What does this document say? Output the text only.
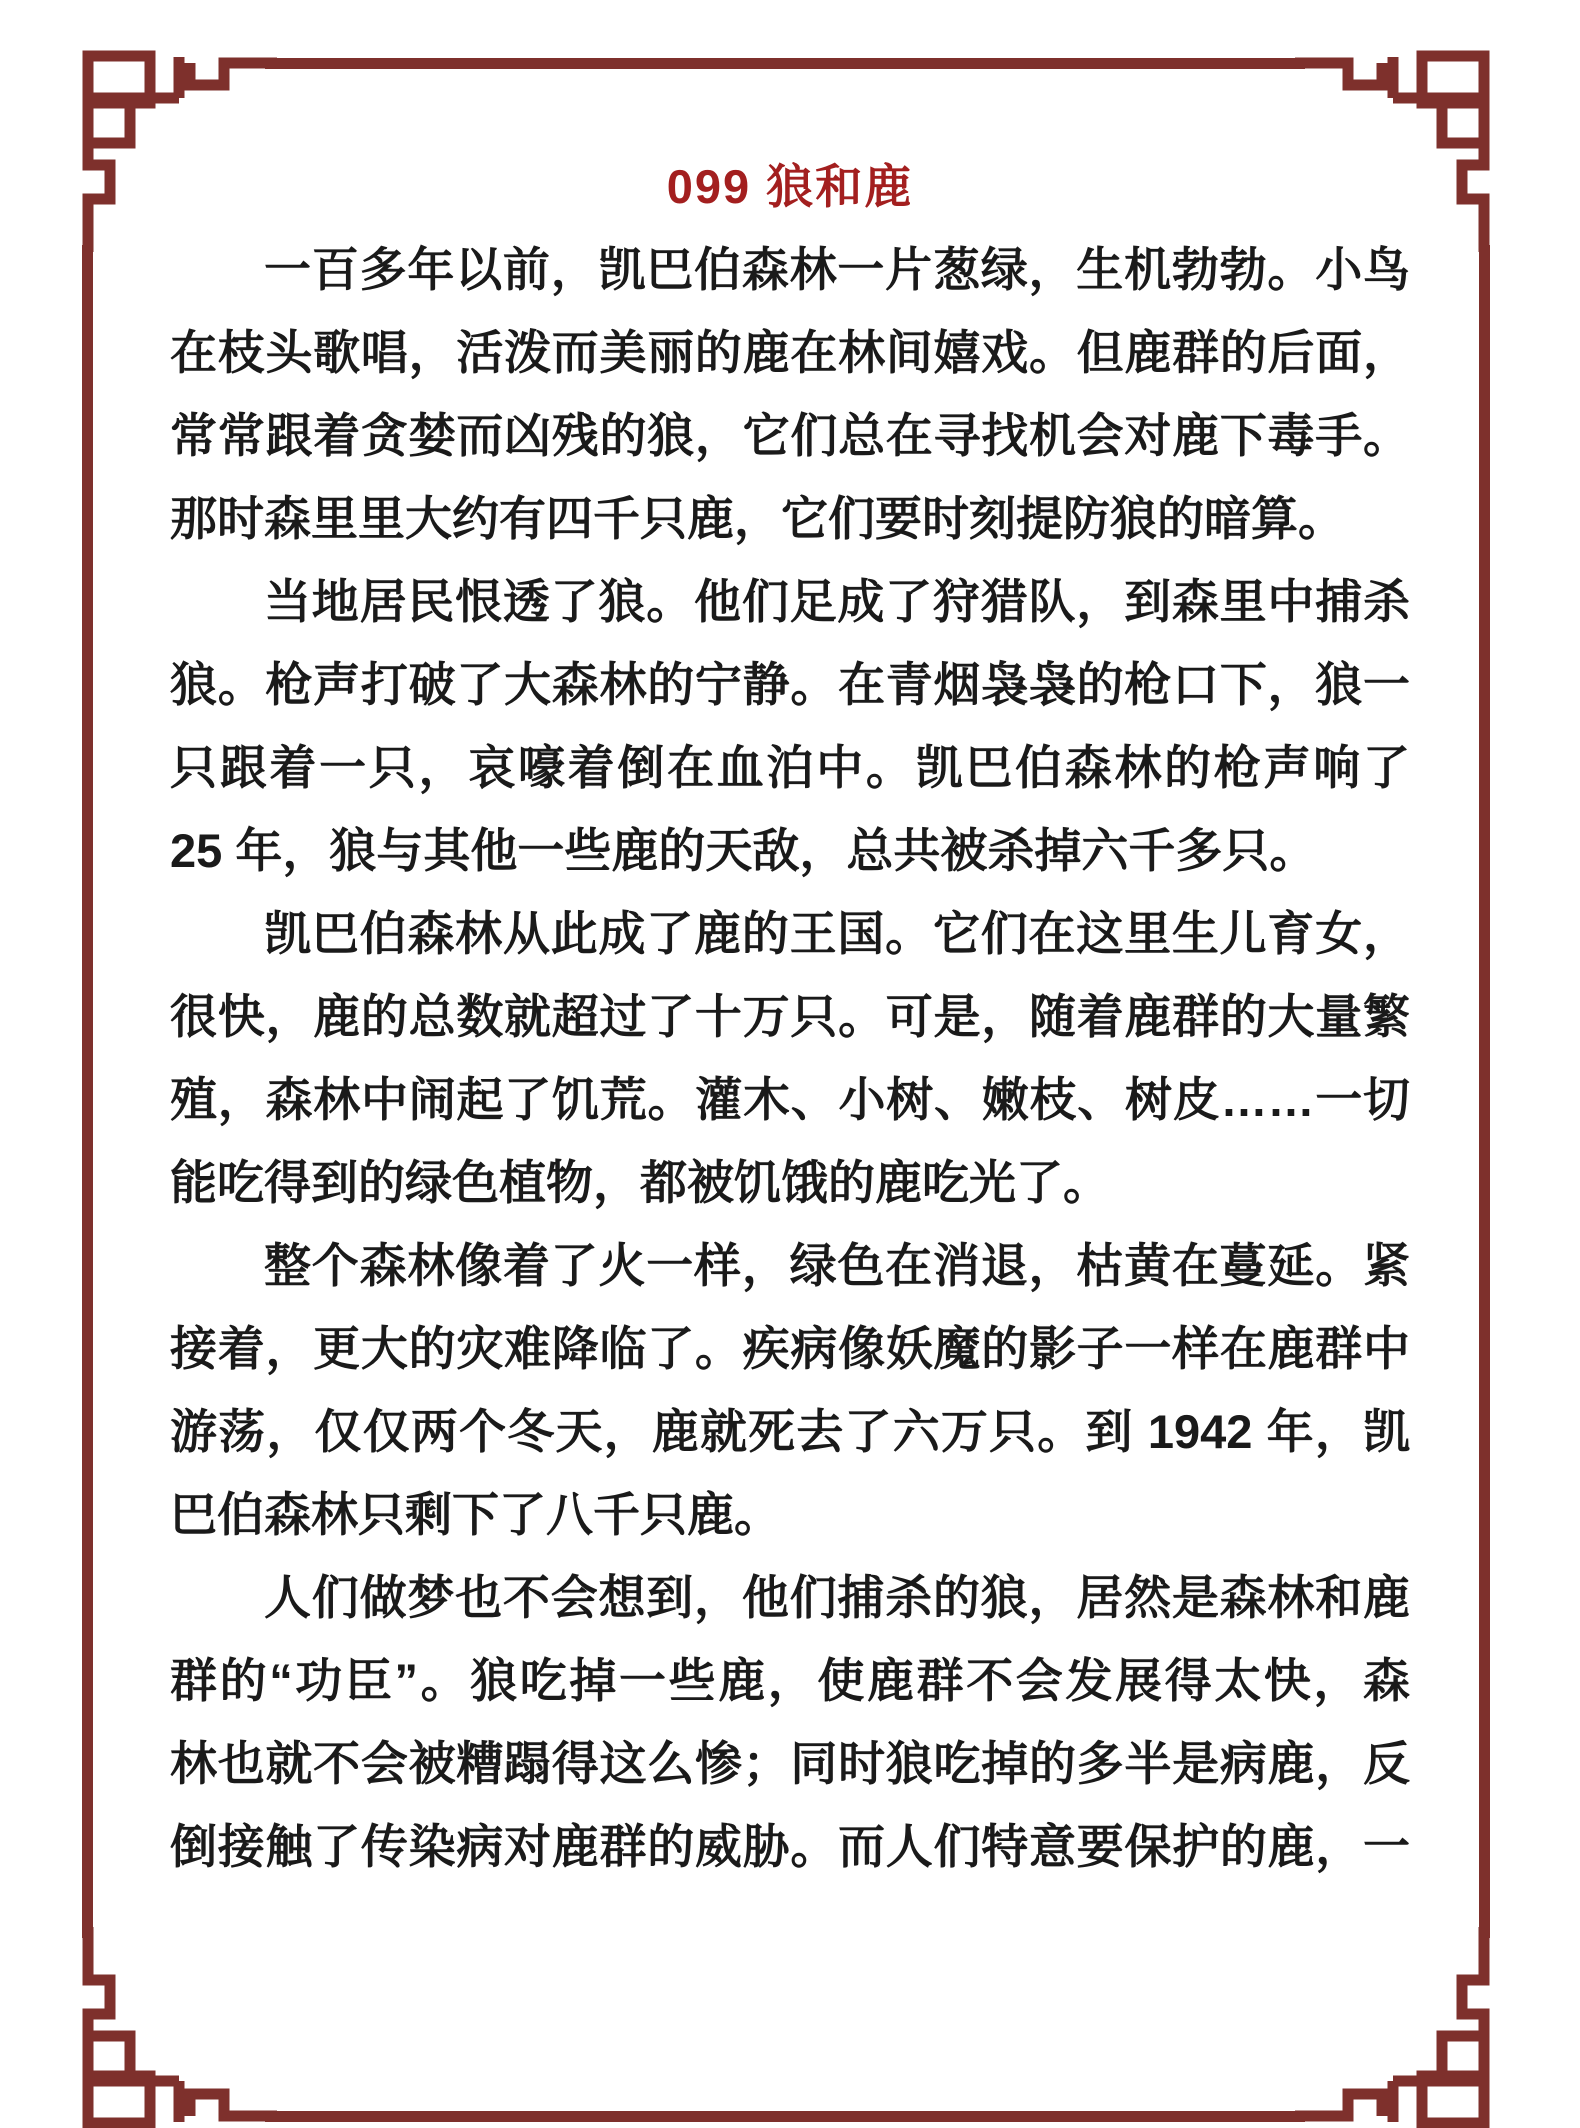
099 狼和鹿
一百多年以前，凯巴伯森林一片葱绿，生机勃勃。小鸟
在枝头歌唱，活泼而美丽的鹿在林间嬉戏。但鹿群的后面，
常常跟着贪婪而凶残的狼，它们总在寻找机会对鹿下毒手。
那时森里里大约有四千只鹿，它们要时刻提防狼的暗算。
当地居民恨透了狼。他们足成了狩猎队，到森里中捕杀
狼。枪声打破了大森林的宁静。在青烟袅袅的枪口下，狼一
只跟着一只，哀嚎着倒在血泊中。凯巴伯森林的枪声响了
25 年，狼与其他一些鹿的天敌，总共被杀掉六千多只。
凯巴伯森林从此成了鹿的王国。它们在这里生儿育女，
很快，鹿的总数就超过了十万只。可是，随着鹿群的大量繁
殖，森林中闹起了饥荒。灌木、小树、嫩枝、树皮……一切
能吃得到的绿色植物，都被饥饿的鹿吃光了。
整个森林像着了火一样，绿色在消退，枯黄在蔓延。紧
接着，更大的灾难降临了。疾病像妖魔的影子一样在鹿群中
游荡，仅仅两个冬天，鹿就死去了六万只。到 1942 年，凯
巴伯森林只剩下了八千只鹿。
人们做梦也不会想到，他们捕杀的狼，居然是森林和鹿
群的“功臣”。狼吃掉一些鹿，使鹿群不会发展得太快，森
林也就不会被糟蹋得这么惨；同时狼吃掉的多半是病鹿，反
倒接触了传染病对鹿群的威胁。而人们特意要保护的鹿，一
